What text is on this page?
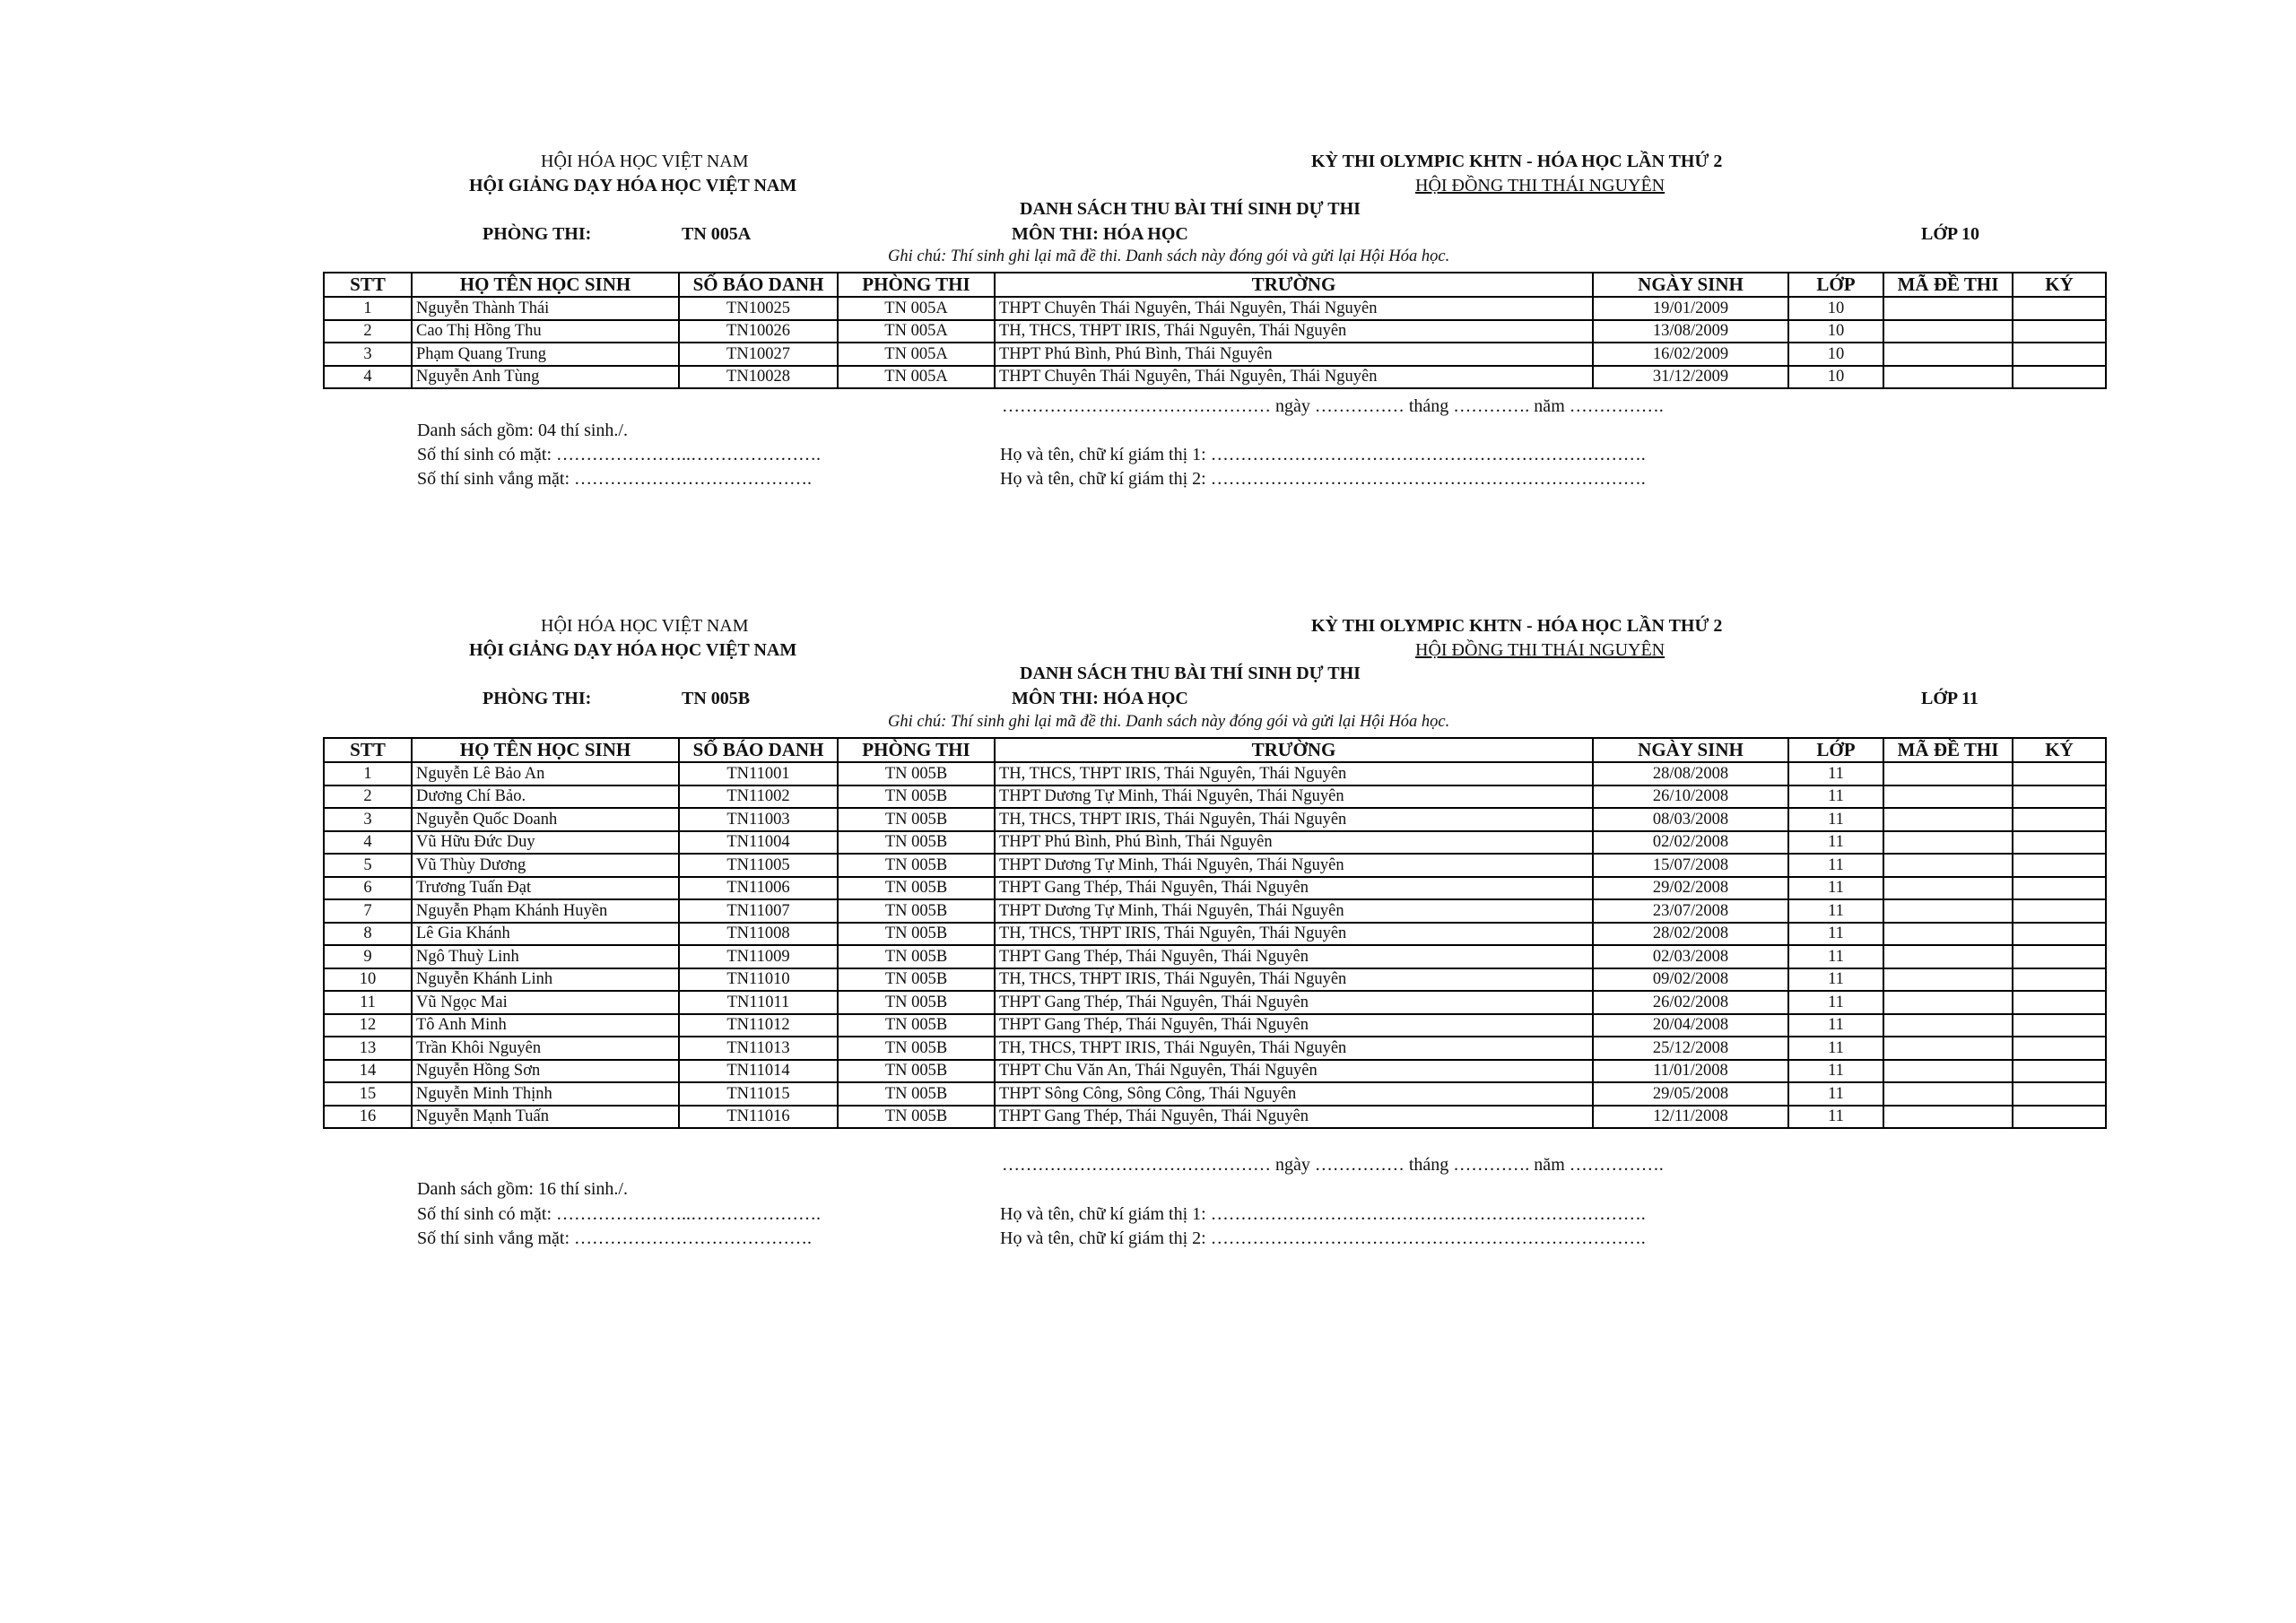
HỘI HÓA HỌC VIỆT NAM
HỘI GIẢNG DẠY HÓA HỌC VIỆT NAM
KỲ THI OLYMPIC KHTN - HÓA HỌC LẦN THỨ 2
HỘI ĐỒNG THI THÁI NGUYÊN
DANH SÁCH THU BÀI THÍ SINH DỰ THI
PHÒNG THI:	TN 005A	MÔN THI: HÓA HỌC	LỚP 10
Ghi chú: Thí sinh ghi lại mã đề thi. Danh sách này đóng gói và gửi lại Hội Hóa học.
STT	HỌ TÊN HỌC SINH	SỐ BÁO DANH	PHÒNG THI	TRƯỜNG	NGÀY SINH	LỚP	MÃ ĐỀ THI	KÝ
1	Nguyễn Thành Thái	TN10025	TN 005A	THPT Chuyên Thái Nguyên, Thái Nguyên, Thái Nguyên	19/01/2009	10		
2	Cao Thị Hồng Thu	TN10026	TN 005A	TH, THCS, THPT IRIS, Thái Nguyên, Thái Nguyên	13/08/2009	10		
3	Phạm Quang Trung	TN10027	TN 005A	THPT Phú Bình, Phú Bình, Thái Nguyên	16/02/2009	10		
4	Nguyễn Anh Tùng	TN10028	TN 005A	THPT Chuyên Thái Nguyên, Thái Nguyên, Thái Nguyên	31/12/2009	10		
……………………………………… ngày …………… tháng …………. năm …………….
Danh sách gồm: 04 thí sinh./.
Số thí sinh có mặt: …………………..………………….
Số thí sinh vắng mặt: ………………………………….
Họ và tên, chữ kí giám thị 1: ……………………………………………………………….
Họ và tên, chữ kí giám thị 2: ……………………………………………………………….
HỘI HÓA HỌC VIỆT NAM
HỘI GIẢNG DẠY HÓA HỌC VIỆT NAM
KỲ THI OLYMPIC KHTN - HÓA HỌC LẦN THỨ 2
HỘI ĐỒNG THI THÁI NGUYÊN
DANH SÁCH THU BÀI THÍ SINH DỰ THI
PHÒNG THI:	TN 005B	MÔN THI: HÓA HỌC	LỚP 11
Ghi chú: Thí sinh ghi lại mã đề thi. Danh sách này đóng gói và gửi lại Hội Hóa học.
STT	HỌ TÊN HỌC SINH	SỐ BÁO DANH	PHÒNG THI	TRƯỜNG	NGÀY SINH	LỚP	MÃ ĐỀ THI	KÝ
1	Nguyễn Lê Bảo An	TN11001	TN 005B	TH, THCS, THPT IRIS, Thái Nguyên, Thái Nguyên	28/08/2008	11		
2	Dương Chí Bảo.	TN11002	TN 005B	THPT Dương Tự Minh, Thái Nguyên, Thái Nguyên	26/10/2008	11		
3	Nguyễn Quốc Doanh	TN11003	TN 005B	TH, THCS, THPT IRIS, Thái Nguyên, Thái Nguyên	08/03/2008	11		
4	Vũ Hữu Đức Duy	TN11004	TN 005B	THPT Phú Bình, Phú Bình, Thái Nguyên	02/02/2008	11		
5	Vũ Thùy Dương	TN11005	TN 005B	THPT Dương Tự Minh, Thái Nguyên, Thái Nguyên	15/07/2008	11		
6	Trương Tuấn Đạt	TN11006	TN 005B	THPT Gang Thép, Thái Nguyên, Thái Nguyên	29/02/2008	11		
7	Nguyễn Phạm Khánh Huyền	TN11007	TN 005B	THPT Dương Tự Minh, Thái Nguyên, Thái Nguyên	23/07/2008	11		
8	Lê Gia Khánh	TN11008	TN 005B	TH, THCS, THPT IRIS, Thái Nguyên, Thái Nguyên	28/02/2008	11		
9	Ngô Thuỳ Linh	TN11009	TN 005B	THPT Gang Thép, Thái Nguyên, Thái Nguyên	02/03/2008	11		
10	Nguyễn Khánh Linh	TN11010	TN 005B	TH, THCS, THPT IRIS, Thái Nguyên, Thái Nguyên	09/02/2008	11		
11	Vũ Ngọc Mai	TN11011	TN 005B	THPT Gang Thép, Thái Nguyên, Thái Nguyên	26/02/2008	11		
12	Tô Anh Minh	TN11012	TN 005B	THPT Gang Thép, Thái Nguyên, Thái Nguyên	20/04/2008	11		
13	Trần Khôi Nguyên	TN11013	TN 005B	TH, THCS, THPT IRIS, Thái Nguyên, Thái Nguyên	25/12/2008	11		
14	Nguyễn Hồng Sơn	TN11014	TN 005B	THPT Chu Văn An, Thái Nguyên, Thái Nguyên	11/01/2008	11		
15	Nguyễn Minh Thịnh	TN11015	TN 005B	THPT Sông Công, Sông Công, Thái Nguyên	29/05/2008	11		
16	Nguyễn Mạnh Tuấn	TN11016	TN 005B	THPT Gang Thép, Thái Nguyên, Thái Nguyên	12/11/2008	11		
……………………………………… ngày …………… tháng …………. năm …………….
Danh sách gồm: 16 thí sinh./.
Số thí sinh có mặt: …………………..………………….
Số thí sinh vắng mặt: ………………………………….
Họ và tên, chữ kí giám thị 1: ……………………………………………………………….
Họ và tên, chữ kí giám thị 2: ……………………………………………………………….
